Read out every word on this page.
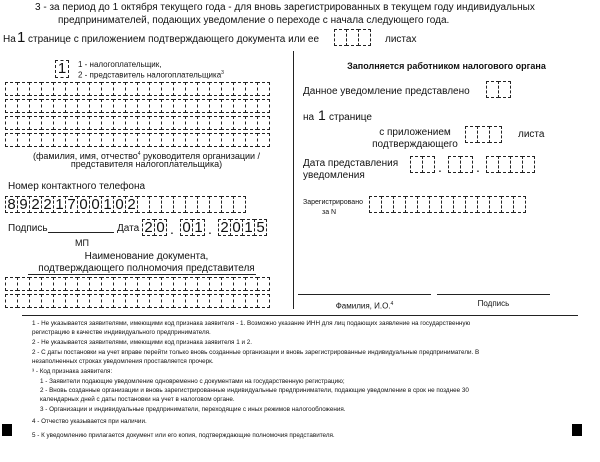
3 - за период до 1 октября текущего года - для вновь зарегистрированных в текущем году индивидуальных
предпринимателей, подающих уведомление о переходе с начала следующего года.
На 1 странице с приложением подтверждающего документа или ее	листах
1	1 - налогоплательщик,
2 - представитель налогоплательщика$^3$
(фамилия, имя, отчество$^4$ руководителя организации /
представителя налогоплательщика)
Номер контактного телефона
8 9 2 2 1 7 0 0 1 0 2
Подпись	Дата 2 0 . 0 1 . 2 0 1 5
МП
Наименование документа,
подтверждающего полномочия представителя
Заполняется работником налогового органа
Данное уведомление представлено
на 1 странице
с приложением
подтверждающего
листа
Дата представления
уведомления
. .
Зарегистрировано
за N
Фамилия, И.О.$^4$	Подпись
1 - Не указывается заявителями, имеющими код признака заявителя - 1. Возможно указание ИНН для лиц подающих заявление на государственную
регистрацию в качестве индивидуального предпринимателя.
2 - Не указывается заявителями, имеющими код признака заявителя 1 и 2.
2 - С даты постановки на учет вправе перейти только вновь созданные организации и вновь зарегистрированные индивидуальные предприниматели. В
незаполненных строках уведомления проставляется прочерк.
³ - Код признака заявителя:
1 - Заявители подающие уведомление одновременно с документами на государственную регистрацию;
2 - Вновь созданные организации и вновь зарегистрированные индивидуальные предприниматели, подающие уведомление в срок не позднее 30
календарных дней с даты постановки на учет в налоговом органе.
3 - Организации и индивидуальные предприниматели, переходящие с иных режимов налогообложения.
4 - Отчество указывается при наличии.
5 - К уведомлению прилагается документ или его копия, подтверждающие полномочия представителя.
